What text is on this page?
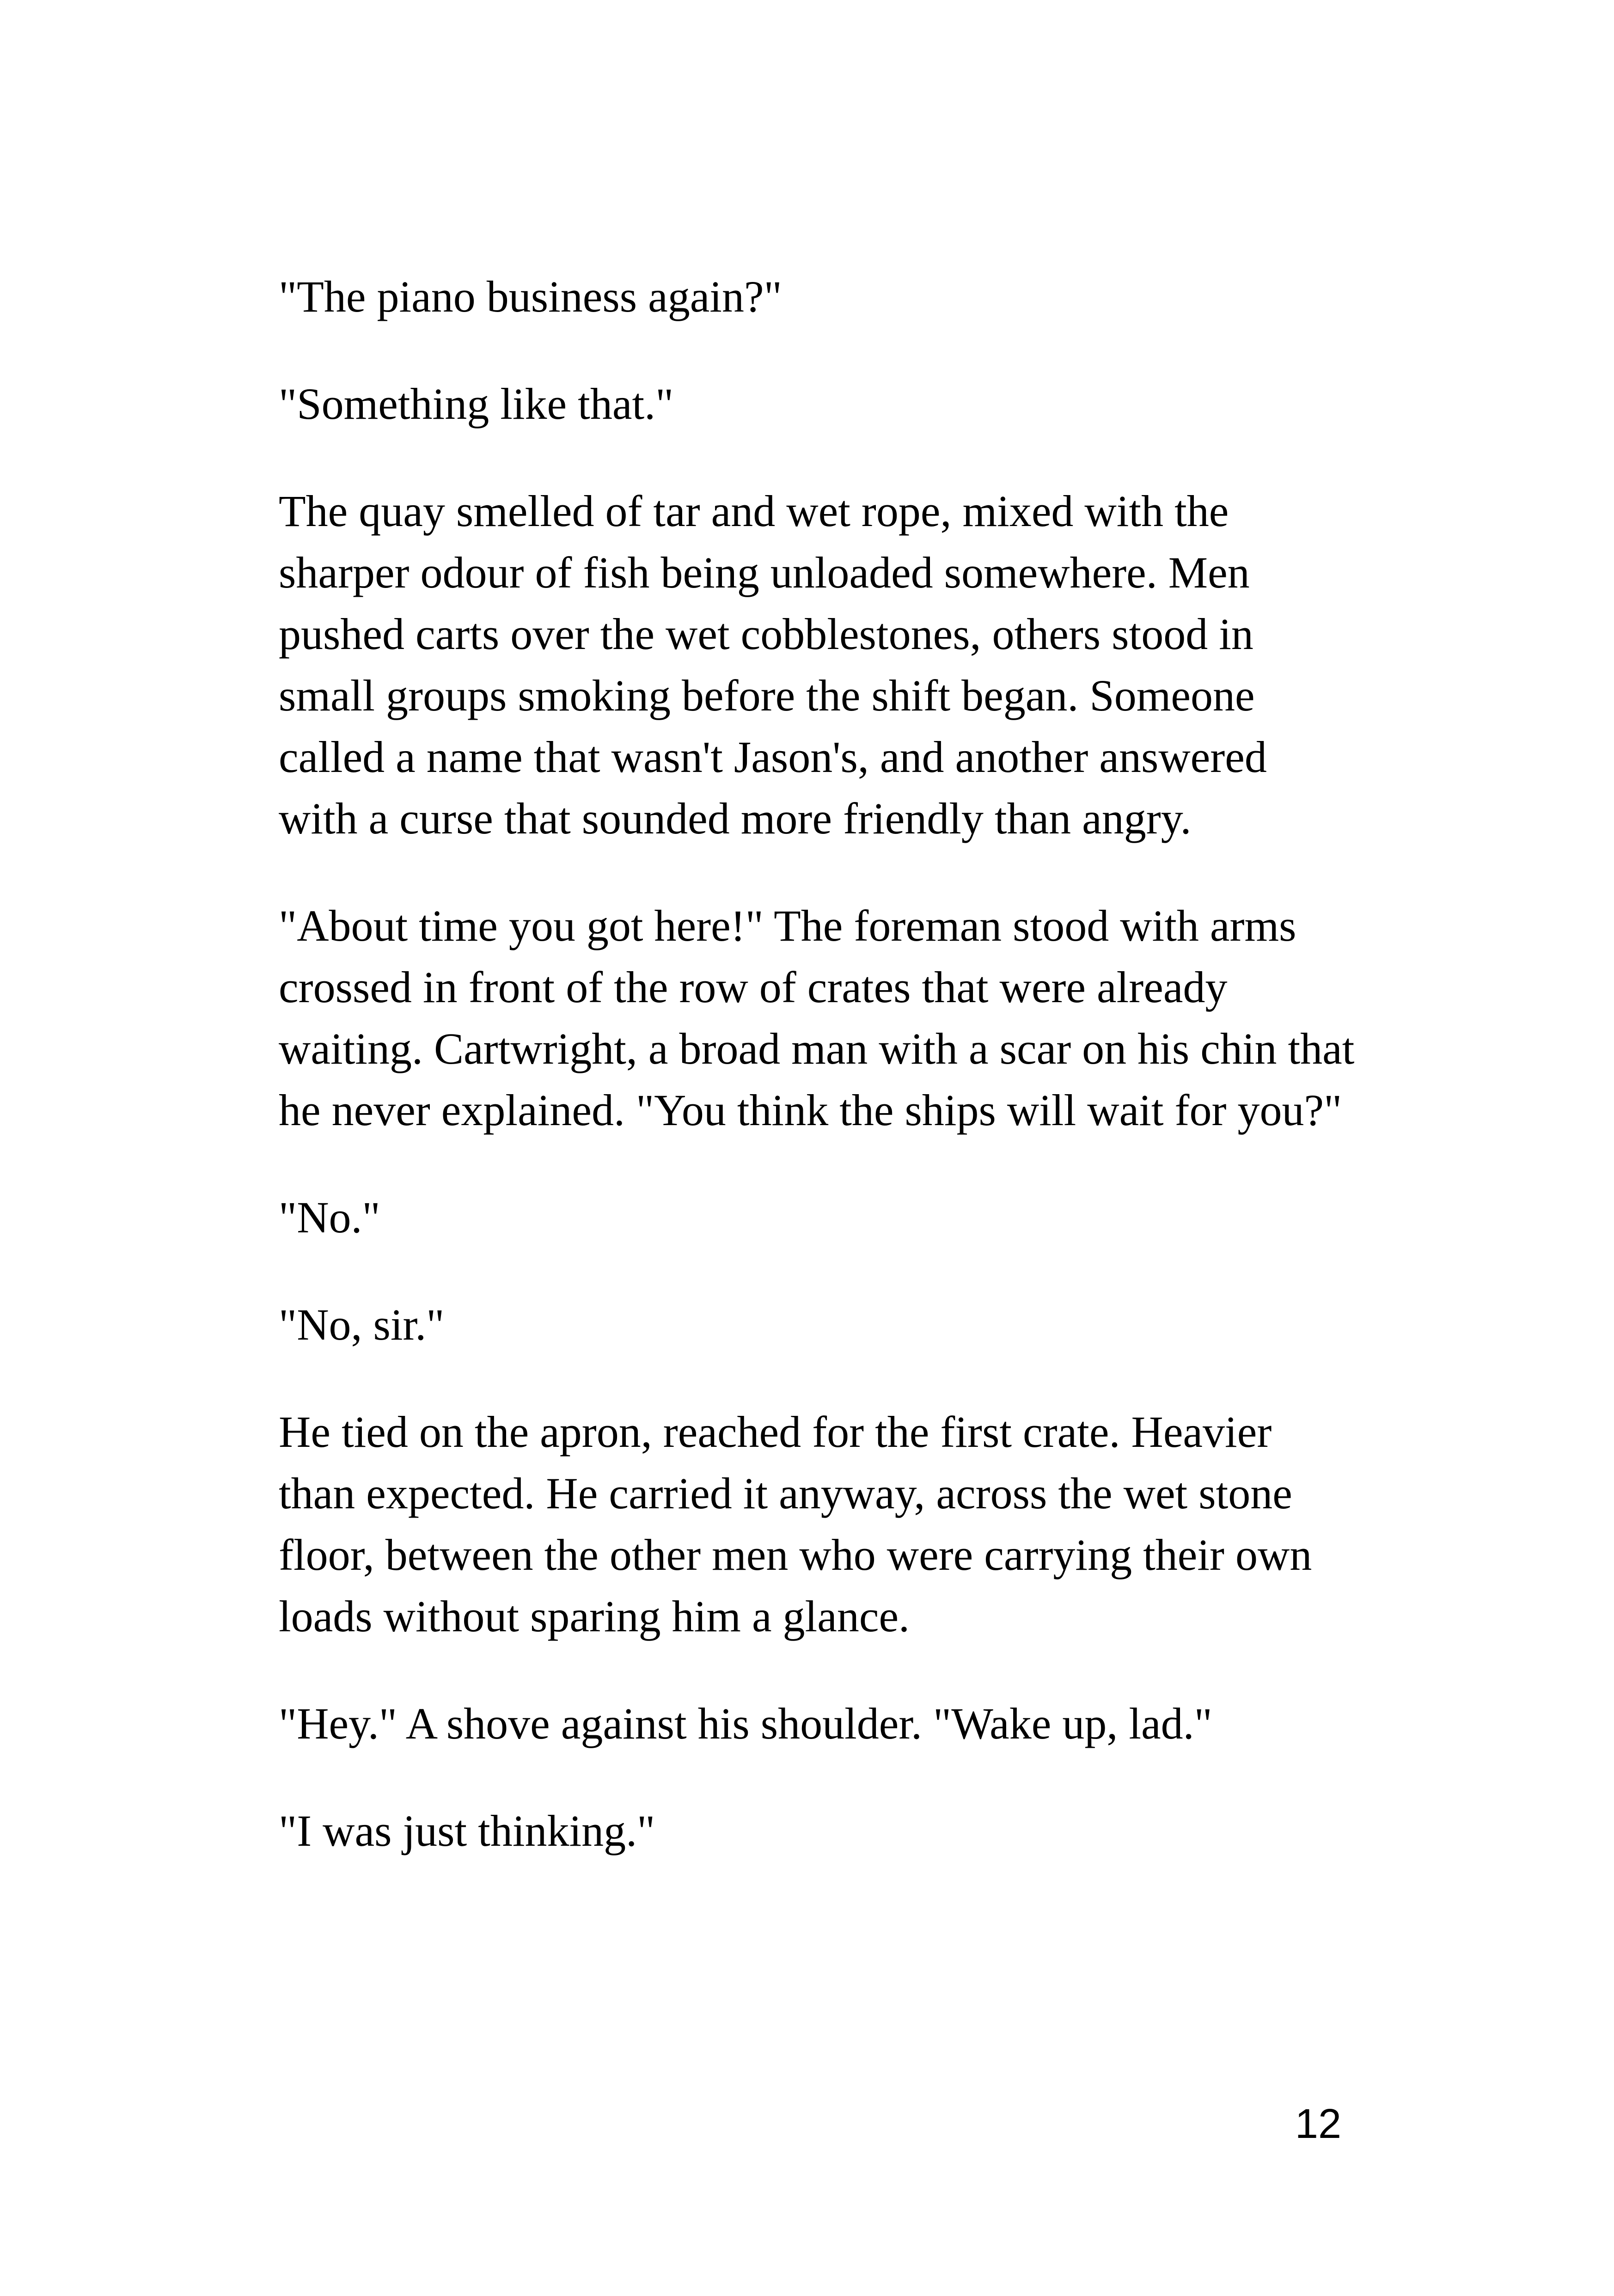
"The piano business again?"

"Something like that."

The quay smelled of tar and wet rope, mixed with the sharper odour of fish being unloaded somewhere. Men pushed carts over the wet cobblestones, others stood in small groups smoking before the shift began. Someone called a name that wasn't Jason's, and another answered with a curse that sounded more friendly than angry.

"About time you got here!" The foreman stood with arms crossed in front of the row of crates that were already waiting. Cartwright, a broad man with a scar on his chin that he never explained. "You think the ships will wait for you?"

"No."

"No, sir."

He tied on the apron, reached for the first crate. Heavier than expected. He carried it anyway, across the wet stone floor, between the other men who were carrying their own loads without sparing him a glance.

"Hey." A shove against his shoulder. "Wake up, lad."

"I was just thinking."

12
